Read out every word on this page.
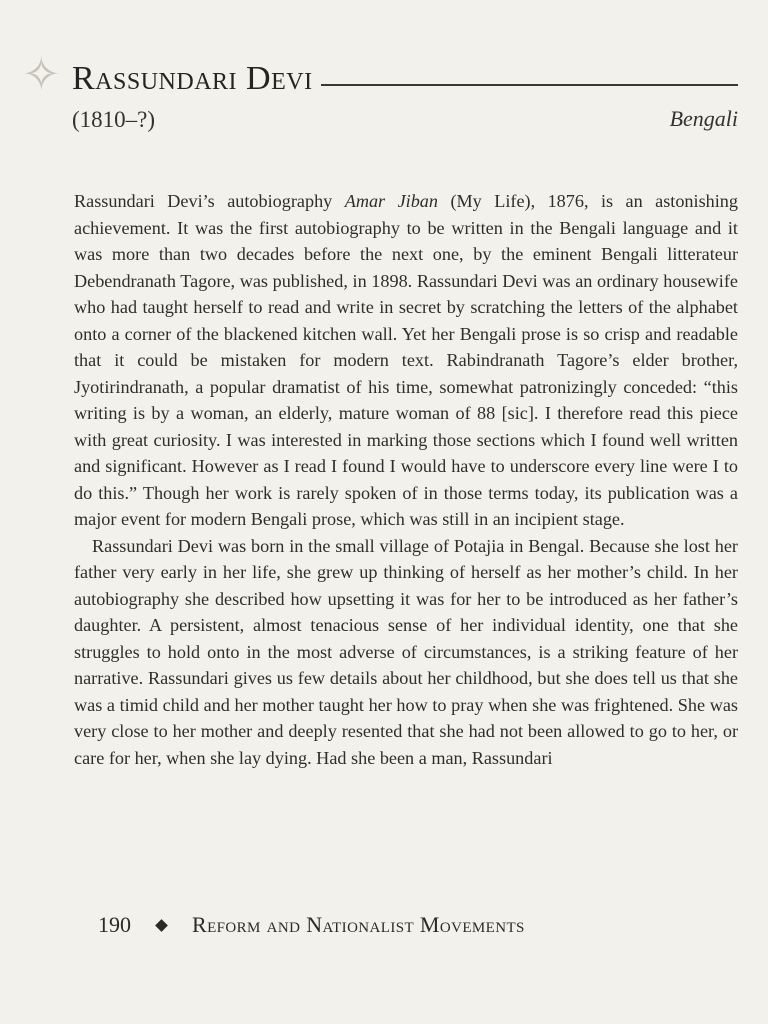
✧ Rassundari Devi
(1810–?)	Bengali

Rassundari Devi’s autobiography Amar Jiban (My Life), 1876, is an astonishing achievement. It was the first autobiography to be written in the Bengali language and it was more than two decades before the next one, by the eminent Bengali litterateur Debendranath Tagore, was published, in 1898. Rassundari Devi was an ordinary housewife who had taught herself to read and write in secret by scratching the letters of the alphabet onto a corner of the blackened kitchen wall. Yet her Bengali prose is so crisp and readable that it could be mistaken for modern text. Rabindranath Tagore’s elder brother, Jyotirindranath, a popular dramatist of his time, somewhat patronizingly conceded: “this writing is by a woman, an elderly, mature woman of 88 [sic]. I therefore read this piece with great curiosity. I was interested in marking those sections which I found well written and significant. However as I read I found I would have to underscore every line were I to do this.” Though her work is rarely spoken of in those terms today, its publication was a major event for modern Bengali prose, which was still in an incipient stage.

Rassundari Devi was born in the small village of Potajia in Bengal. Because she lost her father very early in her life, she grew up thinking of herself as her mother’s child. In her autobiography she described how upsetting it was for her to be introduced as her father’s daughter. A persistent, almost tenacious sense of her individual identity, one that she struggles to hold onto in the most adverse of circumstances, is a striking feature of her narrative. Rassundari gives us few details about her childhood, but she does tell us that she was a timid child and her mother taught her how to pray when she was frightened. She was very close to her mother and deeply resented that she had not been allowed to go to her, or care for her, when she lay dying. Had she been a man, Rassundari

190	Reform and Nationalist Movements
